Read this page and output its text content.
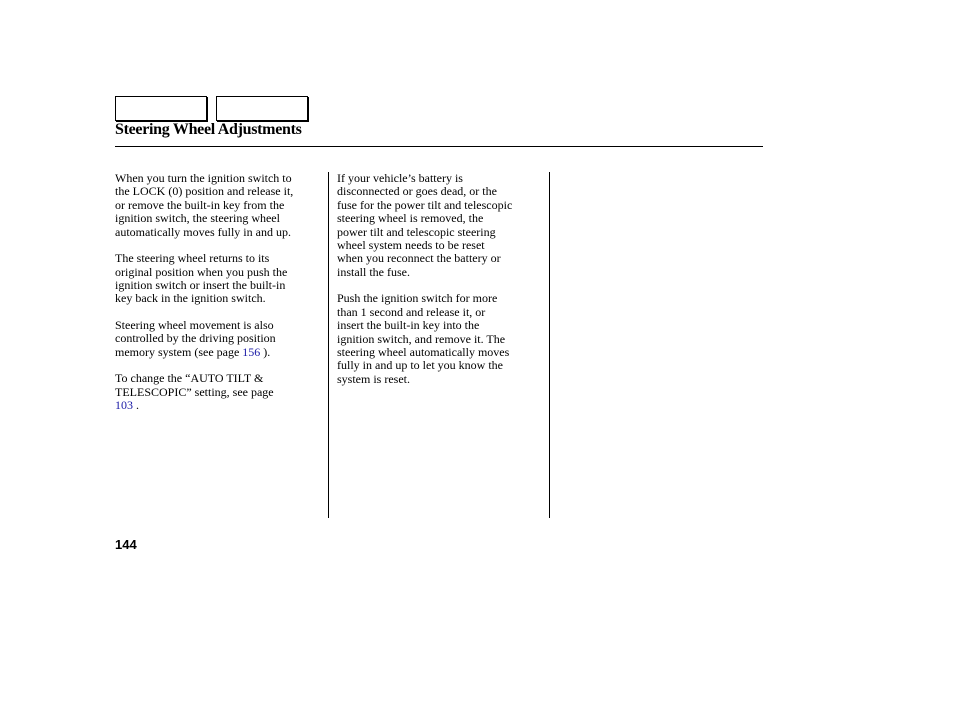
Steering Wheel Adjustments

When you turn the ignition switch to
the LOCK (0) position and release it,
or remove the built-in key from the
ignition switch, the steering wheel
automatically moves fully in and up.

The steering wheel returns to its
original position when you push the
ignition switch or insert the built-in
key back in the ignition switch.

Steering wheel movement is also
controlled by the driving position
memory system (see page 156 ).

To change the “AUTO TILT &
TELESCOPIC” setting, see page
103 .

If your vehicle’s battery is
disconnected or goes dead, or the
fuse for the power tilt and telescopic
steering wheel is removed, the
power tilt and telescopic steering
wheel system needs to be reset
when you reconnect the battery or
install the fuse.

Push the ignition switch for more
than 1 second and release it, or
insert the built-in key into the
ignition switch, and remove it. The
steering wheel automatically moves
fully in and up to let you know the
system is reset.

144
